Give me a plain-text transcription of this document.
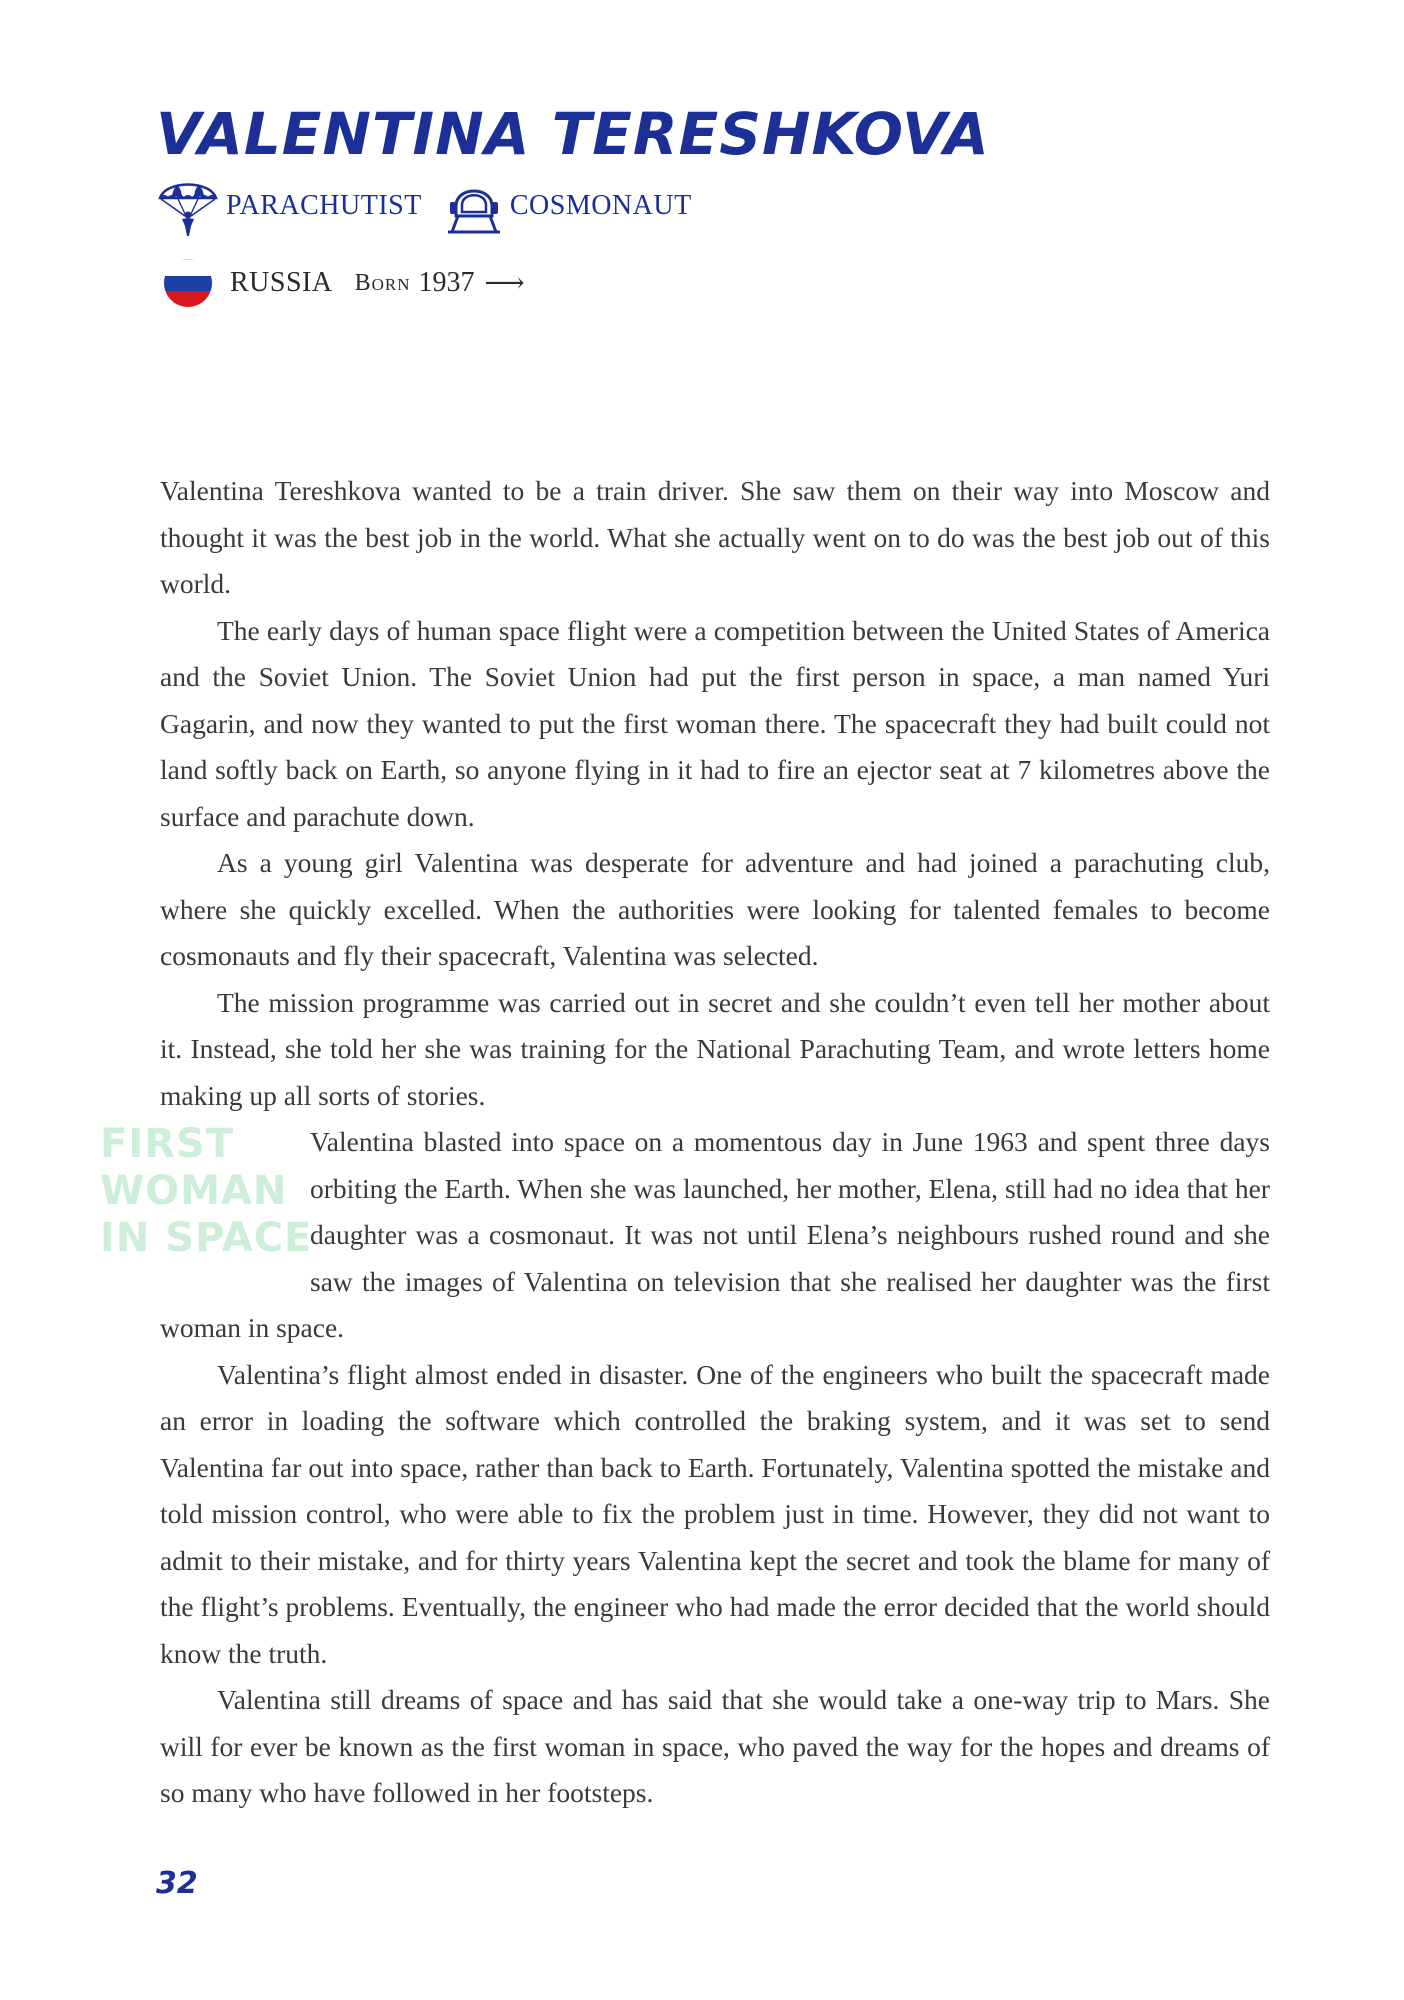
VALENTINA TERESHKOVA
PARACHUTIST	COSMONAUT
RUSSIA Born 1937 ⟶

Valentina Tereshkova wanted to be a train driver. She saw them on their way into Moscow and thought it was the best job in the world. What she actually went on to do was the best job out of this world.

The early days of human space flight were a competition between the United States of America and the Soviet Union. The Soviet Union had put the first person in space, a man named Yuri Gagarin, and now they wanted to put the first woman there. The spacecraft they had built could not land softly back on Earth, so anyone flying in it had to fire an ejector seat at 7 kilometres above the surface and parachute down.

As a young girl Valentina was desperate for adventure and had joined a parachuting club, where she quickly excelled. When the authorities were looking for talented females to become cosmonauts and fly their spacecraft, Valentina was selected.

The mission programme was carried out in secret and she couldn’t even tell her mother about it. Instead, she told her she was training for the National Parachuting Team, and wrote letters home making up all sorts of stories.

FIRST
WOMAN
IN SPACE

Valentina blasted into space on a momentous day in June 1963 and spent three days orbiting the Earth. When she was launched, her mother, Elena, still had no idea that her daughter was a cosmonaut. It was not until Elena’s neighbours rushed round and she saw the images of Valentina on television that she realised her daughter was the first woman in space.

Valentina’s flight almost ended in disaster. One of the engineers who built the spacecraft made an error in loading the software which controlled the braking system, and it was set to send Valentina far out into space, rather than back to Earth. Fortunately, Valentina spotted the mistake and told mission control, who were able to fix the problem just in time. However, they did not want to admit to their mistake, and for thirty years Valentina kept the secret and took the blame for many of the flight’s problems. Eventually, the engineer who had made the error decided that the world should know the truth.

Valentina still dreams of space and has said that she would take a one-way trip to Mars. She will for ever be known as the first woman in space, who paved the way for the hopes and dreams of so many who have followed in her footsteps.

32
